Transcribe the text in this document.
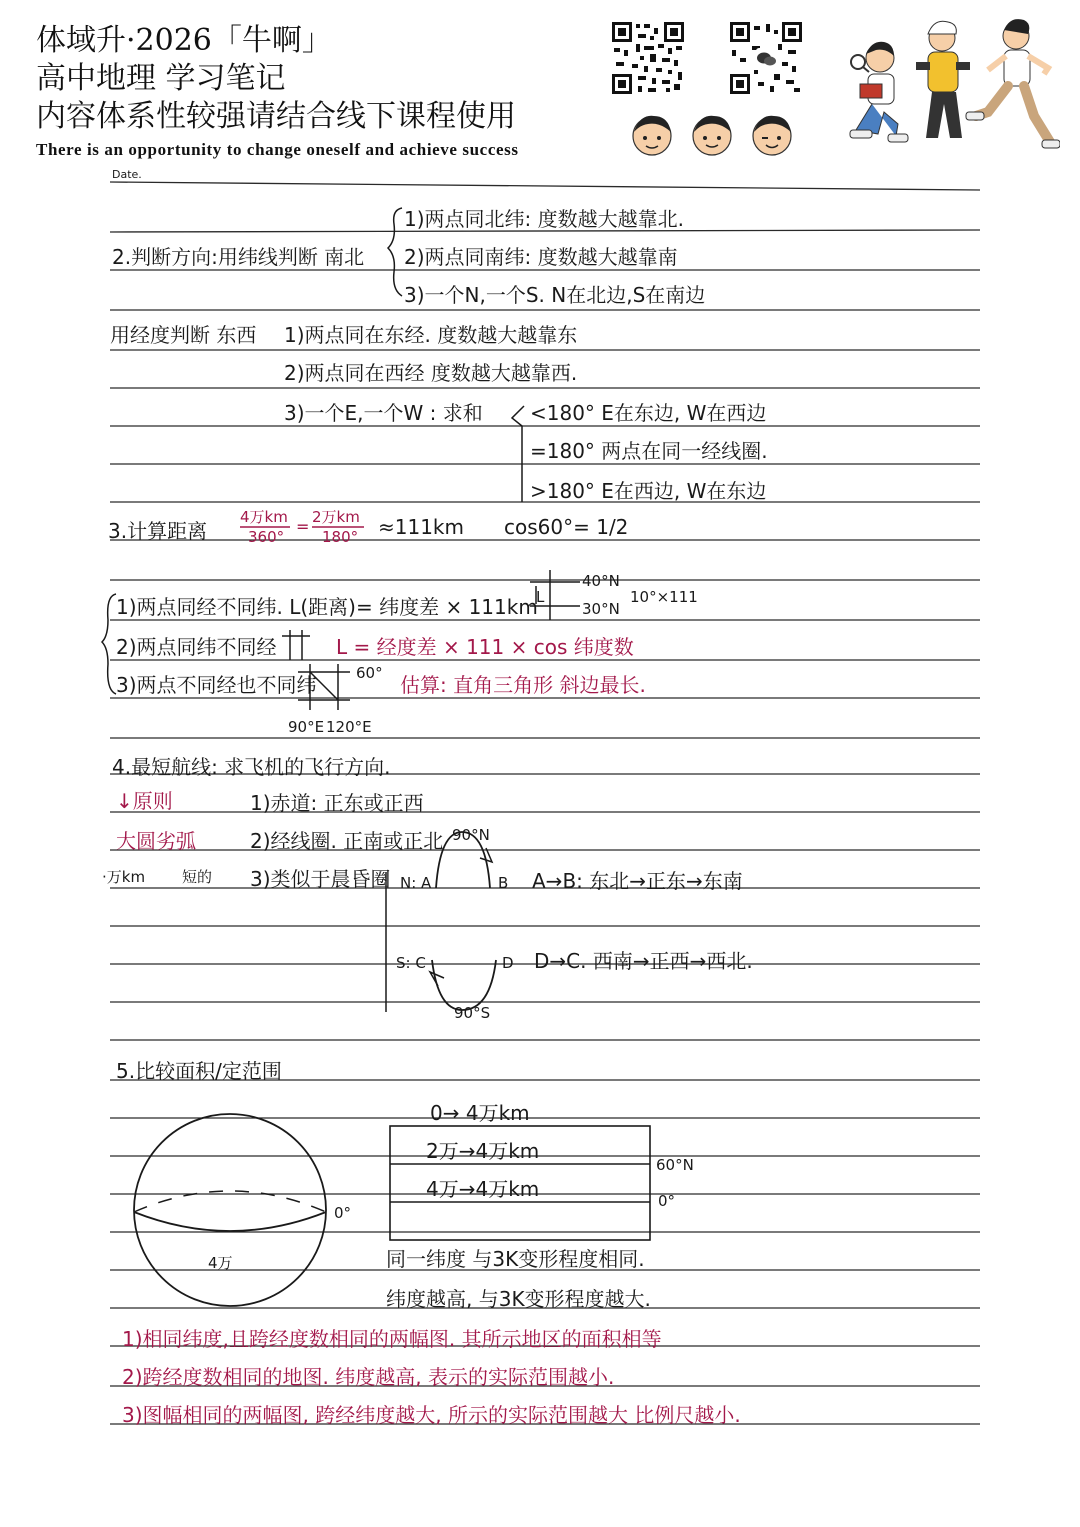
体域升·2026「牛啊」
高中地理 学习笔记
内容体系性较强请结合线下课程使用
There is an opportunity to change oneself and achieve success
Date.
2.判断方向:用纬线判断 南北
1)两点同北纬: 度数越大越靠北.
2)两点同南纬: 度数越大越靠南
3)一个N,一个S. N在北边,S在南边
用经度判断 东西 1)两点同在东经. 度数越大越靠东
2)两点同在西经 度数越大越靠西.
3)一个E,一个W : 求和 <180° E在东边, W在西边
=180° 两点在同一经线圈.
>180° E在西边, W在东边
3.计算距离
4万km
360°
= 2万km
180° ≈111km cos60°= 1/2
1)两点同经不同纬. L(距离)= 纬度差 × 111km
2)两点同纬不同经	L = 经度差 × 111 × cos 纬度数
3)两点不同经也不同纬	估算: 直角三角形 斜边最长.
L
40°N
30°N
10°×111
60°
90°E 120°E
4.最短航线: 求飞机的飞行方向.
↓原则
大圆劣弧
·万km 短的
1)赤道: 正东或正西
2)经线圈. 正南或正北
3)类似于晨昏圈
90°N
N: A	B A→B: 东北→正东→东南
S: C	D D→C. 西南→正西→西北.
90°S
5.比较面积/定范围
0°
4万
0→ 4万km
2万→4万km
4万→4万km
60°N
0°
同一纬度 与3K变形程度相同.
纬度越高, 与3K变形程度越大.
1)相同纬度,且跨经度数相同的两幅图. 其所示地区的面积相等
2)跨经度数相同的地图. 纬度越高, 表示的实际范围越小.
3)图幅相同的两幅图, 跨经纬度越大, 所示的实际范围越大 比例尺越小.
